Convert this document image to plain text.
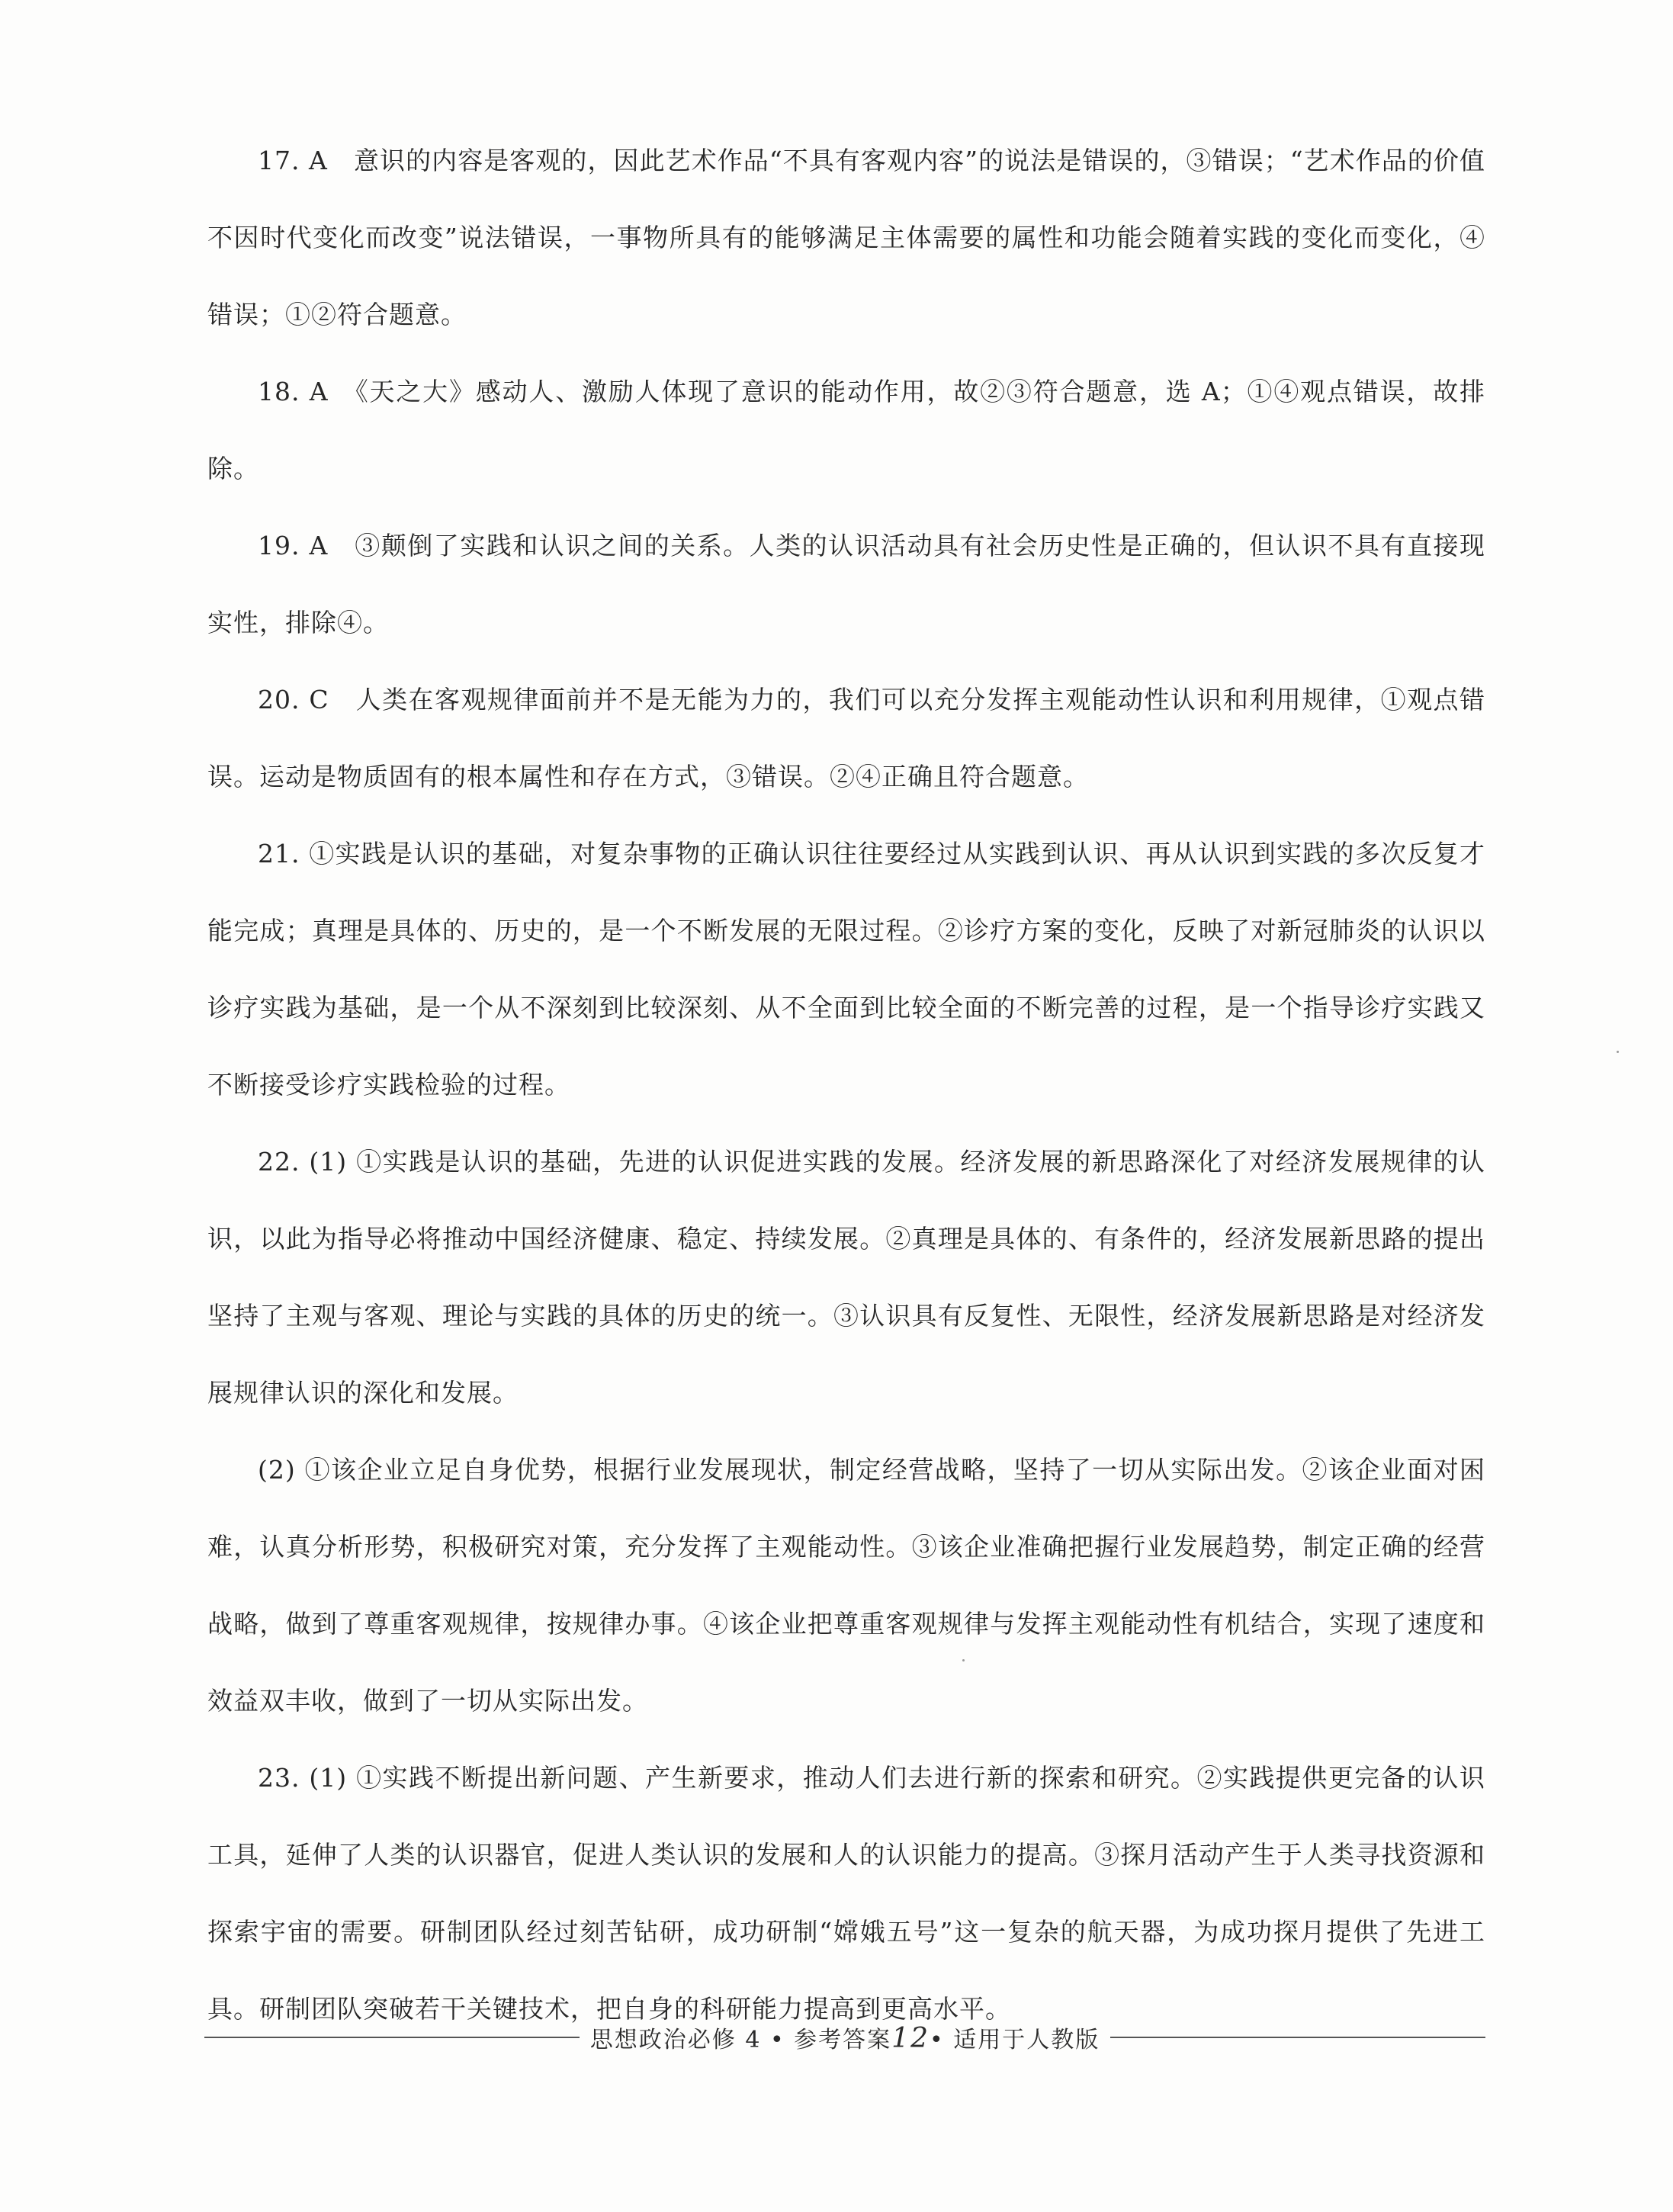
17. A　意识的内容是客观的，因此艺术作品“不具有客观内容”的说法是错误的，③错误；“艺术作品的价值不因时代变化而改变”说法错误，一事物所具有的能够满足主体需要的属性和功能会随着实践的变化而变化，④错误；①②符合题意。

18. A　《天之大》感动人、激励人体现了意识的能动作用，故②③符合题意，选 A；①④观点错误，故排除。

19. A　③颠倒了实践和认识之间的关系。人类的认识活动具有社会历史性是正确的，但认识不具有直接现实性，排除④。

20. C　人类在客观规律面前并不是无能为力的，我们可以充分发挥主观能动性认识和利用规律，①观点错误。运动是物质固有的根本属性和存在方式，③错误。②④正确且符合题意。

21. ①实践是认识的基础，对复杂事物的正确认识往往要经过从实践到认识、再从认识到实践的多次反复才能完成；真理是具体的、历史的，是一个不断发展的无限过程。②诊疗方案的变化，反映了对新冠肺炎的认识以诊疗实践为基础，是一个从不深刻到比较深刻、从不全面到比较全面的不断完善的过程，是一个指导诊疗实践又不断接受诊疗实践检验的过程。

22. (1) ①实践是认识的基础，先进的认识促进实践的发展。经济发展的新思路深化了对经济发展规律的认识，以此为指导必将推动中国经济健康、稳定、持续发展。②真理是具体的、有条件的，经济发展新思路的提出坚持了主观与客观、理论与实践的具体的历史的统一。③认识具有反复性、无限性，经济发展新思路是对经济发展规律认识的深化和发展。

(2) ①该企业立足自身优势，根据行业发展现状，制定经营战略，坚持了一切从实际出发。②该企业面对困难，认真分析形势，积极研究对策，充分发挥了主观能动性。③该企业准确把握行业发展趋势，制定正确的经营战略，做到了尊重客观规律，按规律办事。④该企业把尊重客观规律与发挥主观能动性有机结合，实现了速度和效益双丰收，做到了一切从实际出发。

23. (1) ①实践不断提出新问题、产生新要求，推动人们去进行新的探索和研究。②实践提供更完备的认识工具，延伸了人类的认识器官，促进人类认识的发展和人的认识能力的提高。③探月活动产生于人类寻找资源和探索宇宙的需要。研制团队经过刻苦钻研，成功研制“嫦娥五号”这一复杂的航天器，为成功探月提供了先进工具。研制团队突破若干关键技术，把自身的科研能力提高到更高水平。

思想政治必修 4 • 参考答案12• 适用于人教版
